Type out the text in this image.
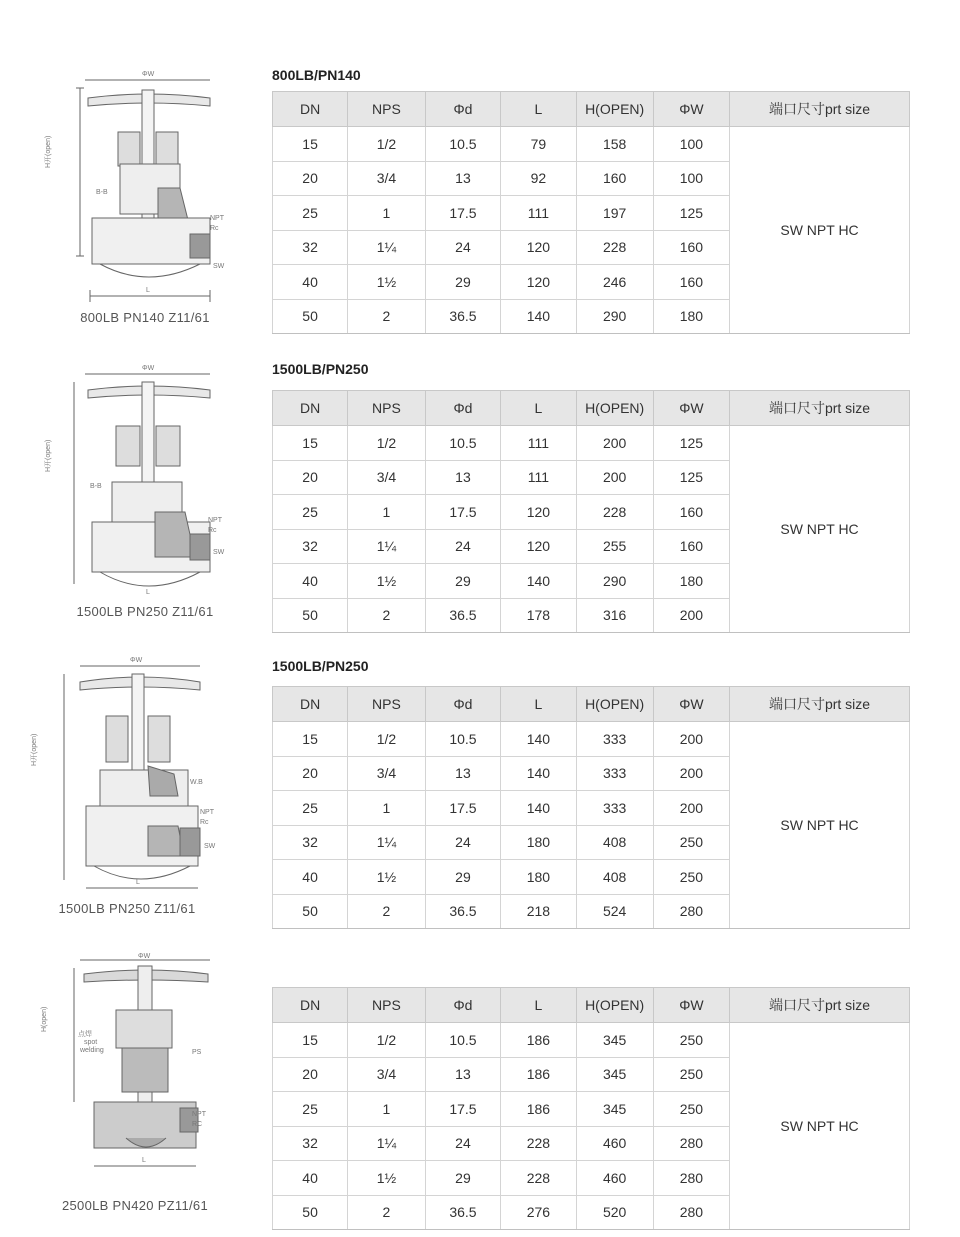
800LB/PN140
ΦW
H开(open)
B-B
NPT
Rc
SW
L
800LB PN140 Z11/61
DN	NPS	Φd	L	H(OPEN)	ΦW	端口尺寸prt size
15	1/2	10.5	79	158	100	SW NPT HC
20	3/4	13	92	160	100	
25	1	17.5	111	197	125	
32	1¼	24	120	228	160	
40	1½	29	120	246	160	
50	2	36.5	140	290	180	
1500LB/PN250
ΦW
H开(open)
B-B
NPT
Rc
SW
L
1500LB PN250 Z11/61
DN	NPS	Φd	L	H(OPEN)	ΦW	端口尺寸prt size
15	1/2	10.5	111	200	125	SW NPT HC
20	3/4	13	111	200	125	
25	1	17.5	120	228	160	
32	1¼	24	120	255	160	
40	1½	29	140	290	180	
50	2	36.5	178	316	200	
1500LB/PN250
ΦW
H开(open)
W.B
NPT
Rc
SW
L
1500LB PN250 Z11/61
DN	NPS	Φd	L	H(OPEN)	ΦW	端口尺寸prt size
15	1/2	10.5	140	333	200	SW NPT HC
20	3/4	13	140	333	200	
25	1	17.5	140	333	200	
32	1¼	24	180	408	250	
40	1½	29	180	408	250	
50	2	36.5	218	524	280	
ΦW
H(open)
点焊
spot
welding	PS
NPT
RC
L
2500LB PN420 PZ11/61
DN	NPS	Φd	L	H(OPEN)	ΦW	端口尺寸prt size
15	1/2	10.5	186	345	250	SW NPT HC
20	3/4	13	186	345	250	
25	1	17.5	186	345	250	
32	1¼	24	228	460	280	
40	1½	29	228	460	280	
50	2	36.5	276	520	280	
